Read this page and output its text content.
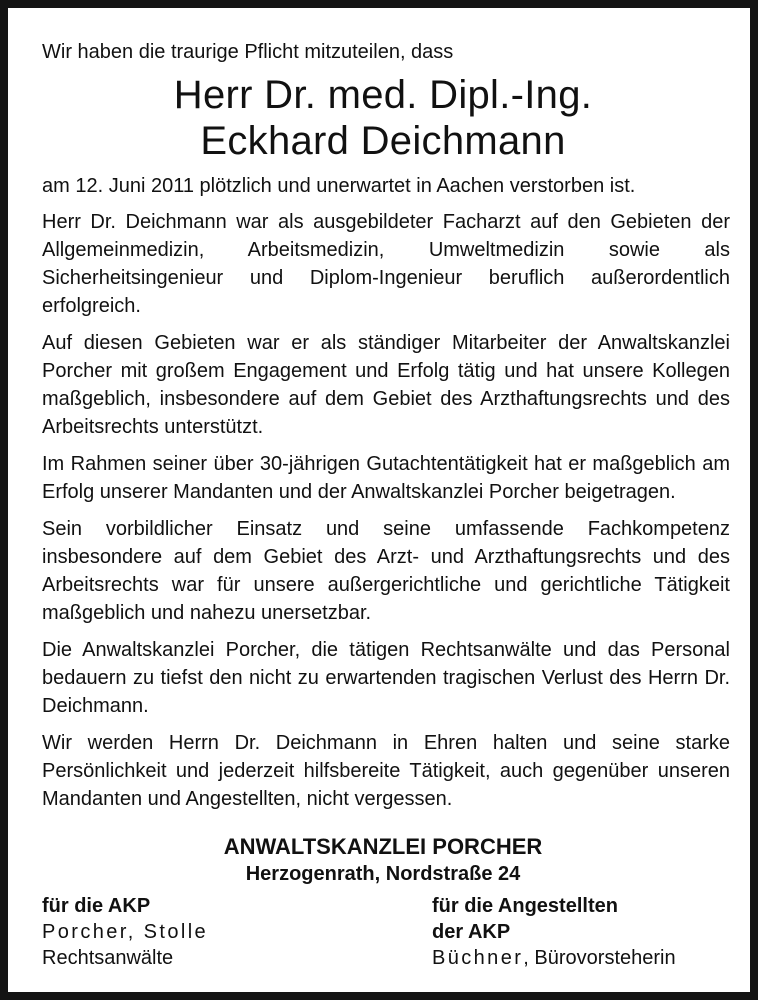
Wir haben die traurige Pflicht mitzuteilen, dass
Herr Dr. med. Dipl.-Ing.
Eckhard Deichmann
am 12. Juni 2011 plötzlich und unerwartet in Aachen verstorben ist.

Herr Dr. Deichmann war als ausgebildeter Facharzt auf den Gebieten der Allgemeinmedizin, Arbeitsmedizin, Umweltmedizin sowie als Sicherheitsingenieur und Diplom-Ingenieur beruflich außerordentlich erfolgreich.

Auf diesen Gebieten war er als ständiger Mitarbeiter der Anwaltskanzlei Porcher mit großem Engagement und Erfolg tätig und hat unsere Kollegen maßgeblich, insbesondere auf dem Gebiet des Arzthaftungsrechts und des Arbeitsrechts unterstützt.

Im Rahmen seiner über 30-jährigen Gutachtentätigkeit hat er maßgeblich am Erfolg unserer Mandanten und der Anwaltskanzlei Porcher beigetragen.

Sein vorbildlicher Einsatz und seine umfassende Fachkompetenz insbesondere auf dem Gebiet des Arzt- und Arzthaftungsrechts und des Arbeitsrechts war für unsere außergerichtliche und gerichtliche Tätigkeit maßgeblich und nahezu unersetzbar.

Die Anwaltskanzlei Porcher, die tätigen Rechtsanwälte und das Personal bedauern zu tiefst den nicht zu erwartenden tragischen Verlust des Herrn Dr. Deichmann.

Wir werden Herrn Dr. Deichmann in Ehren halten und seine starke Persönlichkeit und jederzeit hilfsbereite Tätigkeit, auch gegenüber unseren Mandanten und Angestellten, nicht vergessen.

ANWALTSKANZLEI PORCHER
Herzogenrath, Nordstraße 24
für die AKP
Porcher, Stolle
Rechtsanwälte
für die Angestellten
der AKP
Büchner, Bürovorsteherin
